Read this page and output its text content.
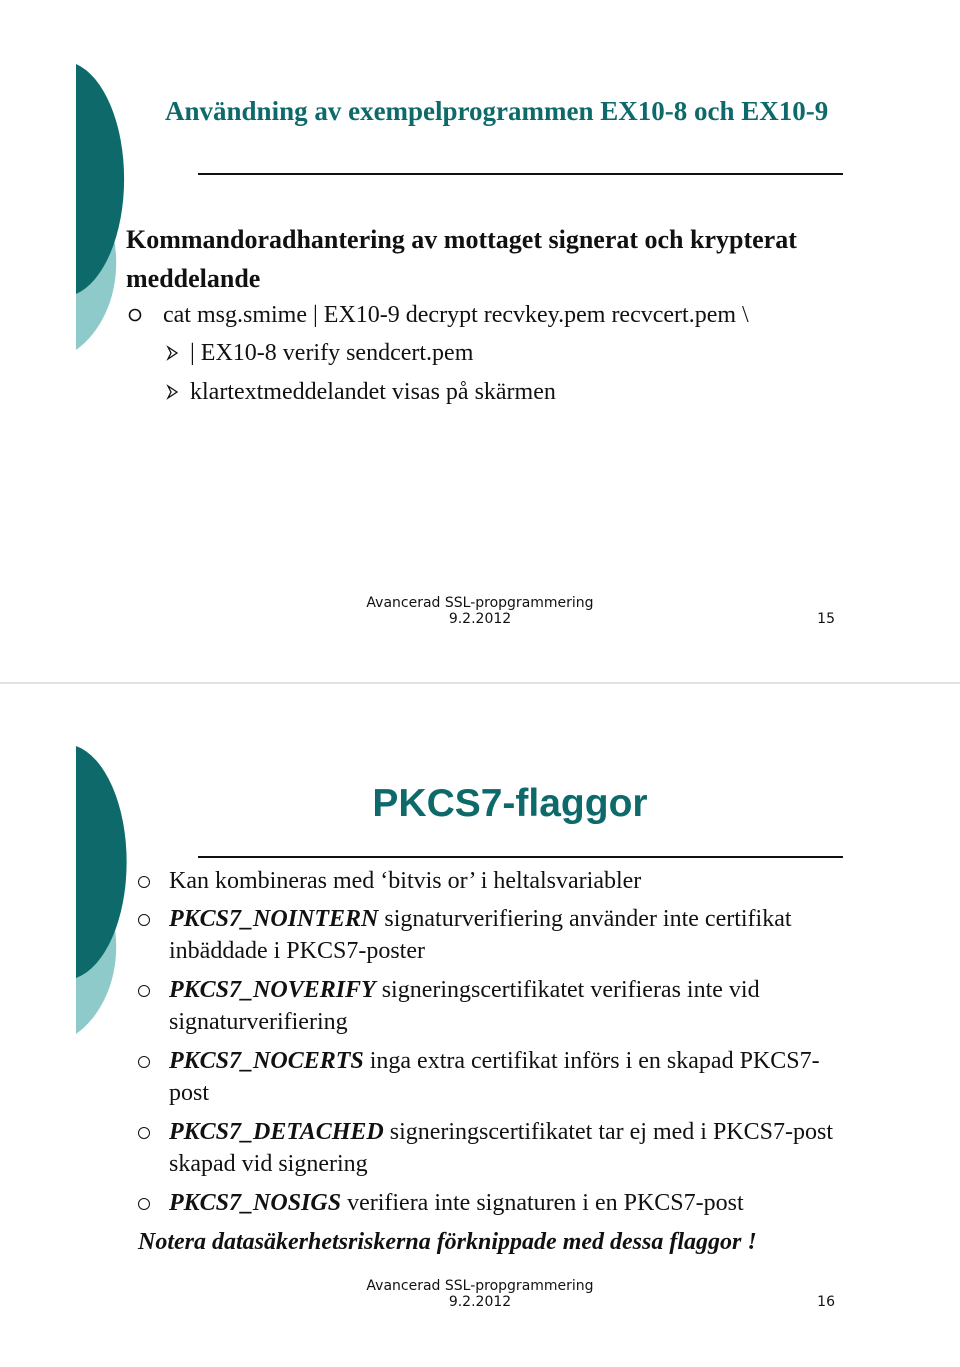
Användning av exempelprogrammen EX10-8 och EX10-9
Kommandoradhantering av mottaget signerat och krypterat meddelande
cat msg.smime | EX10-9 decrypt recvkey.pem recvcert.pem \
| EX10-8 verify sendcert.pem
klartextmeddelandet visas på skärmen
Avancerad SSL-propgrammering
9.2.2012	15
PKCS7-flaggor
Kan kombineras med ‘bitvis or’ i heltalsvariabler
PKCS7_NOINTERN signaturverifiering använder inte certifikat inbäddade i PKCS7-poster
PKCS7_NOVERIFY signeringscertifikatet verifieras inte vid signaturverifiering
PKCS7_NOCERTS inga extra certifikat införs i en skapad PKCS7-post
PKCS7_DETACHED signeringscertifikatet tar ej med i PKCS7-post skapad vid signering
PKCS7_NOSIGS verifiera inte signaturen i en PKCS7-post
Notera datasäkerhetsriskerna förknippade med dessa flaggor !
Avancerad SSL-propgrammering
9.2.2012	16
